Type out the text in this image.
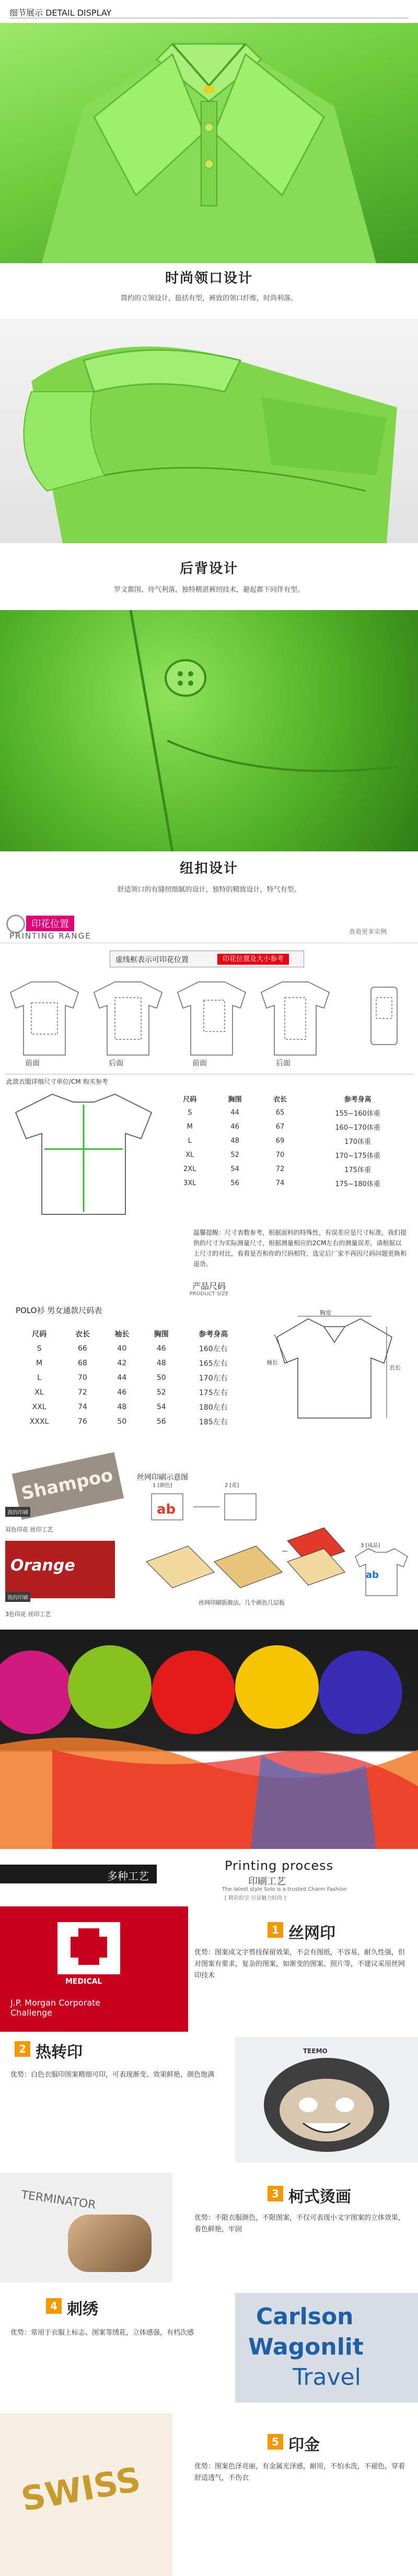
细节展示 DETAIL DISPLAY
时尚领口设计
简约的立领设计，挺括有型，裤致的领口纤维，时尚利落。
后背设计
罗文都围、待气利落，独特精湛裤纫技术，避起都下同伴有型。
纽扣设计
舒适领口的有缝纫细腻的设计，独特的精致设计，特气有型。
印花位置
PRINTING RANGE	查看更多实例
虚线框表示可印花位置	印花位置及大小参考
前面	后面	前面	后面
此款衣服详细尺寸单位/CM 购买参考
尺码	胸围	衣长	参考身高
S	44	65	155~160体重
M	46	67	160~170体重
L	48	69	170体重
XL	52	70	170~175体重
2XL	54	72	175体重
3XL	56	74	175~180体重
温馨提醒：尺寸表数参考，根据面料的特殊性，有误差应是尺寸标准，我们提供的尺寸为实际测量尺寸，根据测量相应的2CM左右的测量误差，请根据以上尺寸的对比，看看是否和你的尺码相符，选定后厂家不再因尺码问题更换和退货。
产品尺码
PRODUCT SIZE
POLO衫 男女通款尺码表
尺码	衣长	袖长	胸围	参考身高
S	66	40	46	160左右
M	68	42	48	165左右
L	70	44	50	170左右
XL	72	46	52	175左右
XXL	74	48	54	180左右
XXXL	76	50	56	185左右
胸宽
衣长
袖长
Shampoo
我的印刷
双色印花 丝印工艺
Orange
我的印刷
3色印花 丝印工艺
丝网印刷示意图
1 [颜色]	2 [花]
3 [成品]
ab
ab
丝网印刷版做法，几个颜色几层板
多种工艺
Printing process
印刷工艺
The latest style Solo is a trusted Charm Fashion
[ 精彩纷呈 尽显魅力时尚 ]
MEDICAL
J.P. Morgan Corporate Challenge
1 丝网印
优势：图案成文字剪技保留效果，不会有图纸，不容易，耐久性强，但对图案有要求，复杂的图案，如渐变的图案、照片等，不建议采用丝网印技术
2 热转印
优势：白色衣服印图案精细可印，可表现渐变、效果鲜艳，颜色饱满
TEEMO
TERMINATOR	3 柯式烫画
优势：不限衣服颜色，不限图案，不仅可表现小文字图案的立体效果，着色鲜艳，牢固
4 刺绣
优势：常用于衣服上标志、图案等绣花，立体感强，有档次感
Carlson
Wagonlit
Travel
SWISS
5 印金
优势：图案色泽亮丽，有金属光泽感，耐用，不怕水洗，不褪色，穿着舒适透气，不伤衣
